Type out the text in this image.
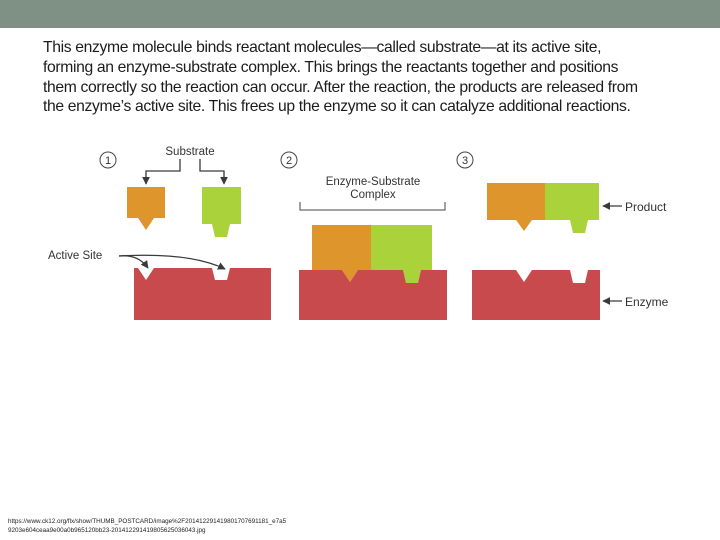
This enzyme molecule binds reactant molecules—called substrate—at its active site,
forming an enzyme-substrate complex. This brings the reactants together and positions
them correctly so the reaction can occur. After the reaction, the products are released from
the enzyme’s active site. This frees up the enzyme so it can catalyze additional reactions.

1	2	3
Substrate
Active Site
Enzyme-Substrate
Complex
Product
Enzyme
https://www.ck12.org/flx/show/THUMB_POSTCARD/image%2F20141229141980170769118​1_e7a5
9203e604ceaa9e00a0b965120bb23-20141229141980562503604​3.jpg
